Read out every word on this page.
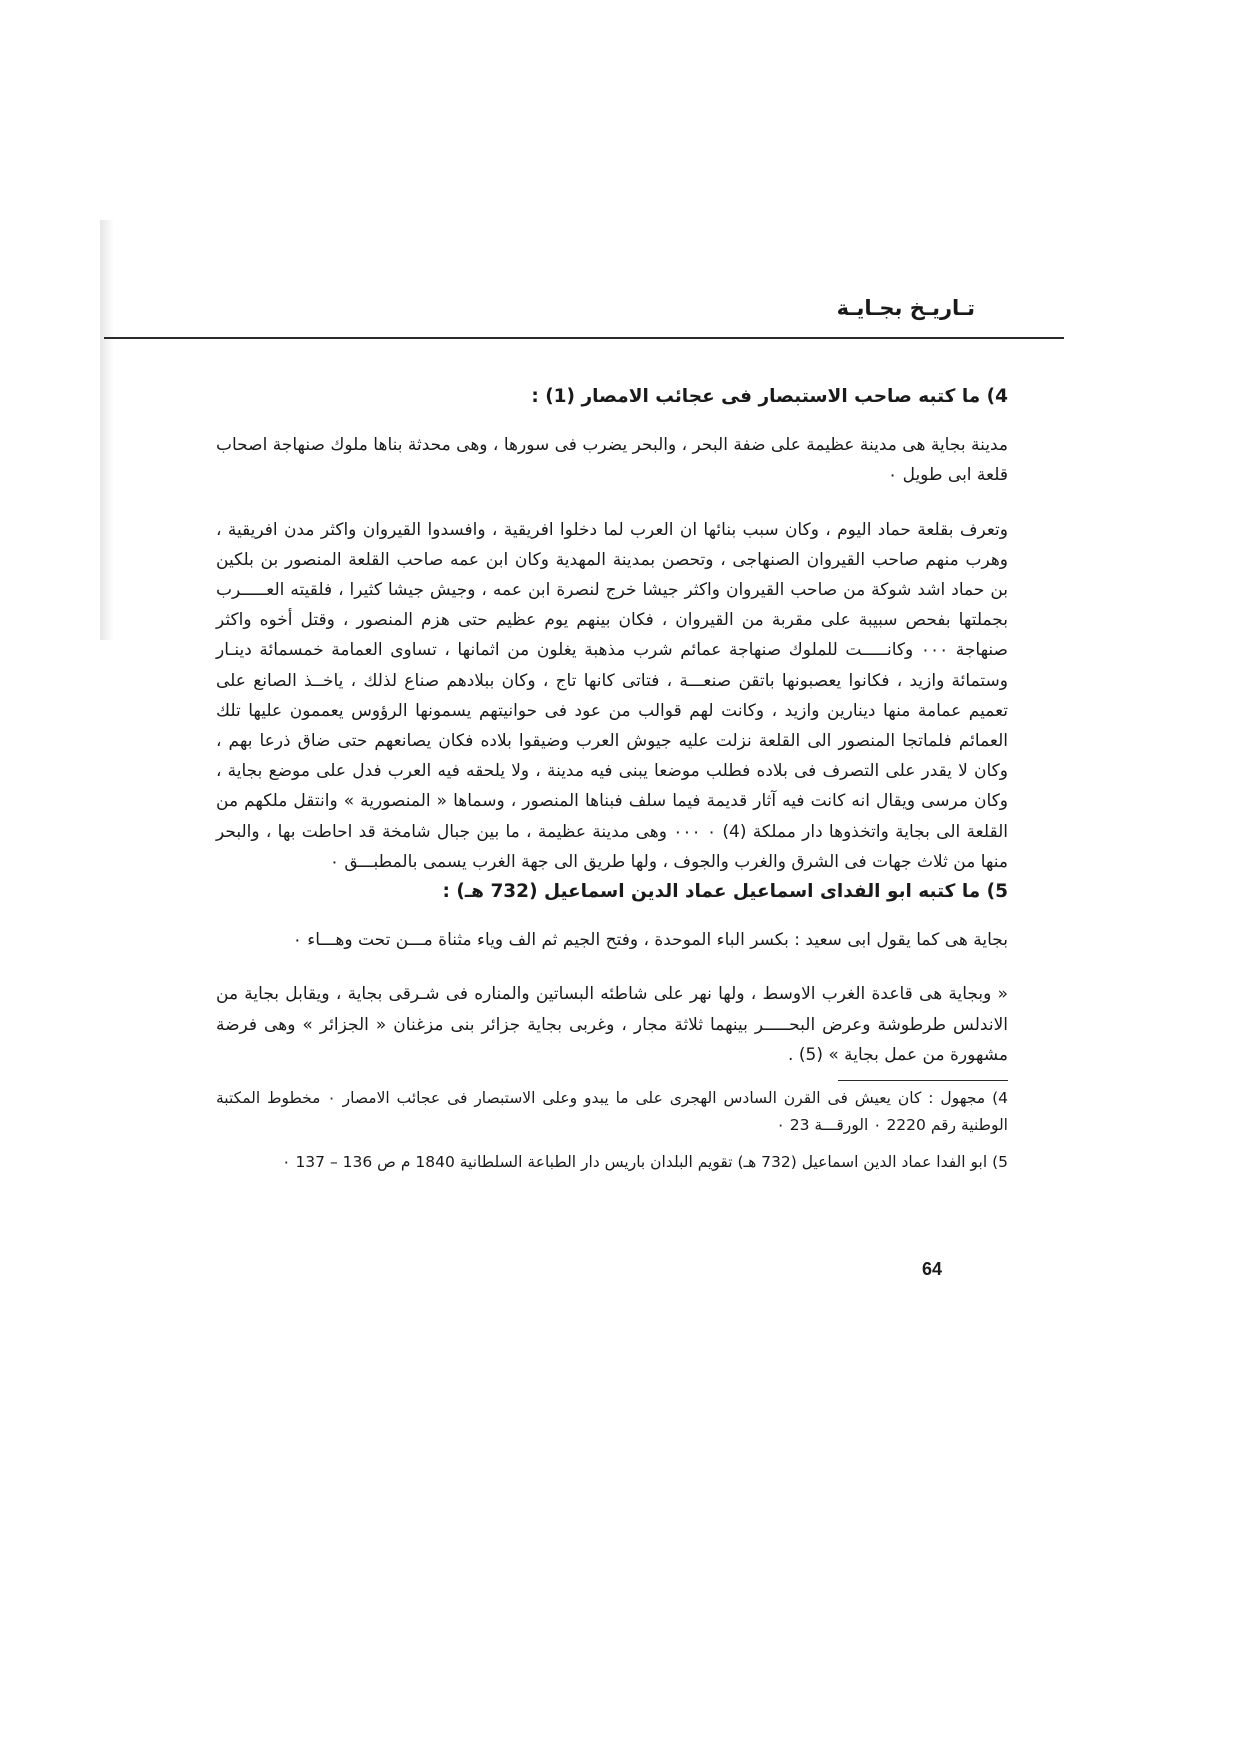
تـاريـخ بجـايـة

4) ما كتبه صاحب الاستبصار فى عجائب الامصار (1) :

مدينة بجاية هى مدينة عظيمة على ضفة البحر ، والبحر يضرب فى سورها ، وهى محدثة بناها ملوك صنهاجة اصحاب قلعة ابى طويل ٠

وتعرف بقلعة حماد اليوم ، وكان سبب بنائها ان العرب لما دخلوا افريقية ، وافسدوا القيروان واكثر مدن افريقية ، وهرب منهم صاحب القيروان الصنهاجى ، وتحصن بمدينة المهدية وكان ابن عمه صاحب القلعة المنصور بن بلكين بن حماد اشد شوكة من صاحب القيروان واكثر جيشا خرج لنصرة ابن عمه ، وجيش جيشا كثيرا ، فلقيته العـــــرب بجملتها بفحص سبيبة على مقربة من القيروان ، فكان بينهم يوم عظيم حتى هزم المنصور ، وقتل أخوه واكثر صنهاجة ٠٠٠ وكانـــــت للملوك صنهاجة عمائم شرب مذهبة يغلون من اثمانها ، تساوى العمامة خمسمائة دينـار وستمائة وازيد ، فكانوا يعصبونها باتقن صنعـــة ، فتاتى كانها تاج ، وكان ببلادهم صناع لذلك ، ياخــذ الصانع على تعميم عمامة منها دينارين وازيد ، وكانت لهم قوالب من عود فى حوانيتهم يسمونها الرؤوس يعممون عليها تلك العمائم فلماتجا المنصور الى القلعة نزلت عليه جيوش العرب وضيقوا بلاده فكان يصانعهم حتى ضاق ذرعا بهم ، وكان لا يقدر على التصرف فى بلاده فطلب موضعا يبنى فيه مدينة ، ولا يلحقه فيه العرب فدل على موضع بجاية ، وكان مرسى ويقال انه كانت فيه آثار قديمة فيما سلف فبناها المنصور ، وسماها « المنصورية » وانتقل ملكهم من القلعة الى بجاية واتخذوها دار مملكة (4) ٠ ٠٠٠ وهى مدينة عظيمة ، ما بين جبال شامخة قد احاطت بها ، والبحر منها من ثلاث جهات فى الشرق والغرب والجوف ، ولها طريق الى جهة الغرب يسمى بالمطبـــق ٠

5) ما كتبه ابو الفداى اسماعيل عماد الدين اسماعيل (732 هـ) :

بجاية هى كما يقول ابى سعيد : بكسر الباء الموحدة ، وفتح الجيم ثم الف وياء مثناة مـــن تحت وهـــاء ٠

« وبجاية هى قاعدة الغرب الاوسط ، ولها نهر على شاطئه البساتين والمناره فى شـرقى بجاية ، ويقابل بجاية من الاندلس طرطوشة وعرض البحـــــر بينهما ثلاثة مجار ، وغربى بجاية جزائر بنى مزغنان « الجزائر » وهى فرضة مشهورة من عمل بجاية » (5) .

4) مجهول : كان يعيش فى القرن السادس الهجرى على ما يبدو وعلى الاستبصار فى عجائب الامصار ٠ مخطوط المكتبة الوطنية رقم 2220 ٠ الورقـــة 23 ٠

5) ابو الفدا عماد الدين اسماعيل (732 هـ) تقويم البلدان باريس دار الطباعة السلطانية 1840 م ص 136 – 137 ٠

64
